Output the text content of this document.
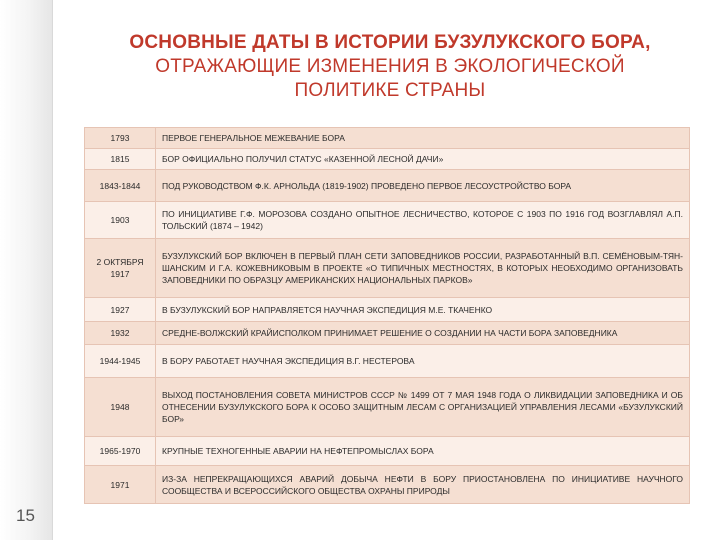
15
ОСНОВНЫЕ ДАТЫ В ИСТОРИИ БУЗУЛУКСКОГО БОРА,
ОТРАЖАЮЩИЕ ИЗМЕНЕНИЯ В ЭКОЛОГИЧЕСКОЙ
ПОЛИТИКЕ СТРАНЫ
1793	ПЕРВОЕ ГЕНЕРАЛЬНОЕ МЕЖЕВАНИЕ БОРА
1815	БОР ОФИЦИАЛЬНО ПОЛУЧИЛ СТАТУС «КАЗЕННОЙ ЛЕСНОЙ ДАЧИ»
1843-1844	ПОД РУКОВОДСТВОМ Ф.К. АРНОЛЬДА (1819-1902) ПРОВЕДЕНО ПЕРВОЕ ЛЕСОУСТРОЙСТВО БОРА
1903	ПО ИНИЦИАТИВЕ Г.Ф. МОРОЗОВА СОЗДАНО ОПЫТНОЕ ЛЕСНИЧЕСТВО, КОТОРОЕ С 1903 ПО 1916 ГОД ВОЗГЛАВЛЯЛ А.П. ТОЛЬСКИЙ (1874 – 1942)
2 ОКТЯБРЯ 1917	БУЗУЛУКСКИЙ БОР ВКЛЮЧЕН В ПЕРВЫЙ ПЛАН СЕТИ ЗАПОВЕДНИКОВ РОССИИ, РАЗРАБОТАННЫЙ В.П. СЕМЁНОВЫМ-ТЯН-ШАНСКИМ И Г.А. КОЖЕВНИКОВЫМ В ПРОЕКТЕ «О ТИПИЧНЫХ МЕСТНОСТЯХ, В КОТОРЫХ НЕОБХОДИМО ОРГАНИЗОВАТЬ ЗАПОВЕДНИКИ ПО ОБРАЗЦУ АМЕРИКАНСКИХ НАЦИОНАЛЬНЫХ ПАРКОВ»
1927	В БУЗУЛУКСКИЙ БОР НАПРАВЛЯЕТСЯ НАУЧНАЯ ЭКСПЕДИЦИЯ М.Е. ТКАЧЕНКО
1932	СРЕДНЕ-ВОЛЖСКИЙ КРАЙИСПОЛКОМ ПРИНИМАЕТ РЕШЕНИЕ О СОЗДАНИИ НА ЧАСТИ БОРА ЗАПОВЕДНИКА
1944-1945	В БОРУ РАБОТАЕТ НАУЧНАЯ ЭКСПЕДИЦИЯ В.Г. НЕСТЕРОВА
1948	ВЫХОД ПОСТАНОВЛЕНИЯ СОВЕТА МИНИСТРОВ СССР № 1499 ОТ 7 МАЯ 1948 ГОДА О ЛИКВИДАЦИИ ЗАПОВЕДНИКА И ОБ ОТНЕСЕНИИ БУЗУЛУКСКОГО БОРА К ОСОБО ЗАЩИТНЫМ ЛЕСАМ С ОРГАНИЗАЦИЕЙ УПРАВЛЕНИЯ ЛЕСАМИ «БУЗУЛУКСКИЙ БОР»
1965-1970	КРУПНЫЕ ТЕХНОГЕННЫЕ АВАРИИ НА НЕФТЕПРОМЫСЛАХ БОРА
1971	ИЗ-ЗА НЕПРЕКРАЩАЮЩИХСЯ АВАРИЙ ДОБЫЧА НЕФТИ В БОРУ ПРИОСТАНОВЛЕНА ПО ИНИЦИАТИВЕ НАУЧНОГО СООБЩЕСТВА И ВСЕРОССИЙСКОГО ОБЩЕСТВА ОХРАНЫ ПРИРОДЫ
